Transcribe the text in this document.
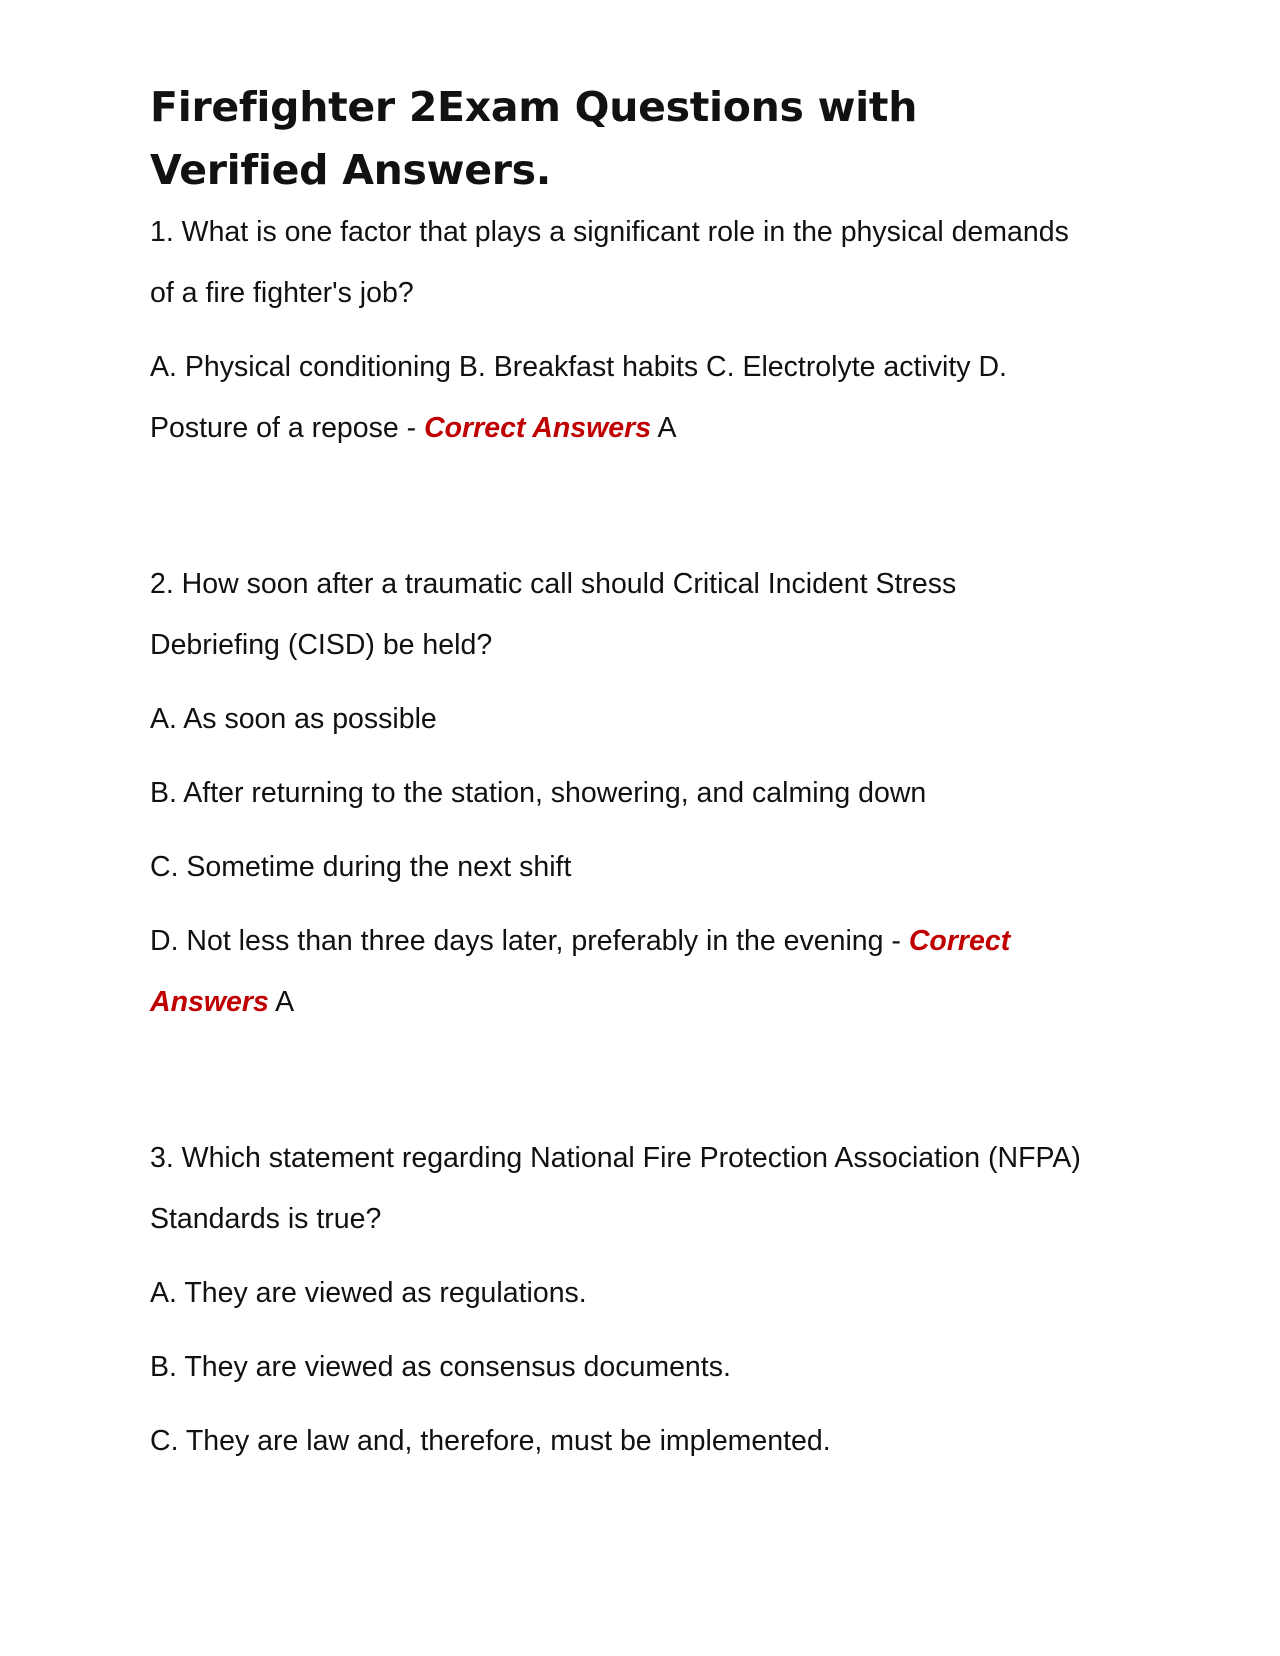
Firefighter 2Exam Questions with Verified Answers.

1. What is one factor that plays a significant role in the physical demands of a fire fighter's job?

A. Physical conditioning B. Breakfast habits C. Electrolyte activity D. Posture of a repose - Correct Answers A

2. How soon after a traumatic call should Critical Incident Stress Debriefing (CISD) be held?

A. As soon as possible

B. After returning to the station, showering, and calming down

C. Sometime during the next shift

D. Not less than three days later, preferably in the evening - Correct Answers A

3. Which statement regarding National Fire Protection Association (NFPA) Standards is true?

A. They are viewed as regulations.

B. They are viewed as consensus documents.

C. They are law and, therefore, must be implemented.
